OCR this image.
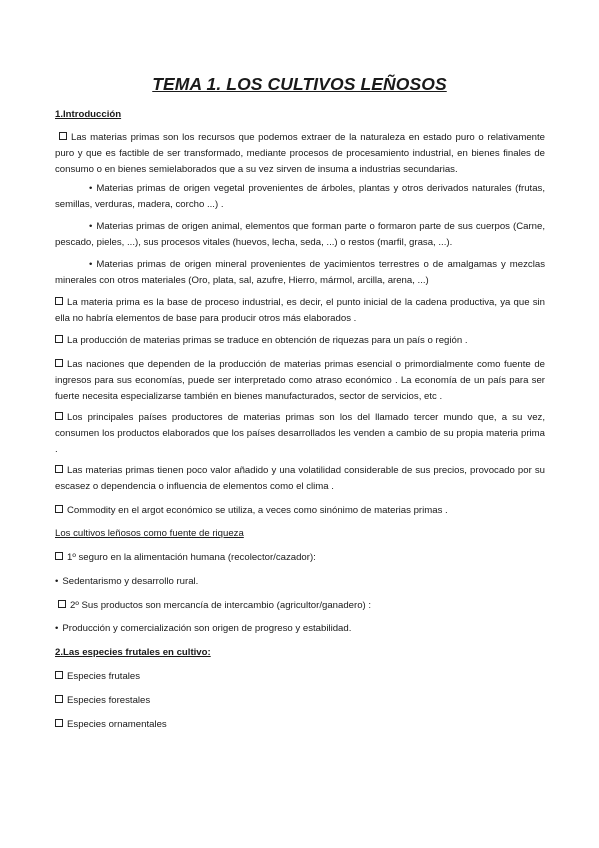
TEMA 1. LOS CULTIVOS LEÑOSOS

1.Introducción

Las materias primas son los recursos que podemos extraer de la naturaleza en estado puro o relativamente puro y que es factible de ser transformado, mediante procesos de procesamiento industrial, en bienes finales de consumo o en bienes semielaborados que a su vez sirven de insuma a industrias secundarias.

• Materias primas de origen vegetal provenientes de árboles, plantas y otros derivados naturales (frutas, semillas, verduras, madera, corcho ...) .

• Materias primas de origen animal, elementos que forman parte o formaron parte de sus cuerpos (Carne, pescado, pieles, ...), sus procesos vitales (huevos, lecha, seda, ...) o restos (marfil, grasa, ...).

• Materias primas de origen mineral provenientes de yacimientos terrestres o de amalgamas y mezclas minerales con otros materiales (Oro, plata, sal, azufre, Hierro, mármol, arcilla, arena, ...)

La materia prima es la base de proceso industrial, es decir, el punto inicial de la cadena productiva, ya que sin ella no habría elementos de base para producir otros más elaborados .

La producción de materias primas se traduce en obtención de riquezas para un país o región .

Las naciones que dependen de la producción de materias primas esencial o primordialmente como fuente de ingresos para sus economías, puede ser interpretado como atraso económico . La economía de un país para ser fuerte necesita especializarse también en bienes manufacturados, sector de servicios, etc .

Los principales países productores de materias primas son los del llamado tercer mundo que, a su vez, consumen los productos elaborados que los países desarrollados les venden a cambio de su propia materia prima .

Las materias primas tienen poco valor añadido y una volatilidad considerable de sus precios, provocado por su escasez o dependencia o influencia de elementos como el clima .

Commodity en el argot económico se utiliza, a veces como sinónimo de materias primas .

Los cultivos leñosos como fuente de riqueza

1º seguro en la alimentación humana (recolector/cazador):

• Sedentarismo y desarrollo rural.

2º Sus productos son mercancía de intercambio (agricultor/ganadero) :

• Producción y comercialización son origen de progreso y estabilidad.

2.Las especies frutales en cultivo:

Especies frutales

Especies forestales

Especies ornamentales
